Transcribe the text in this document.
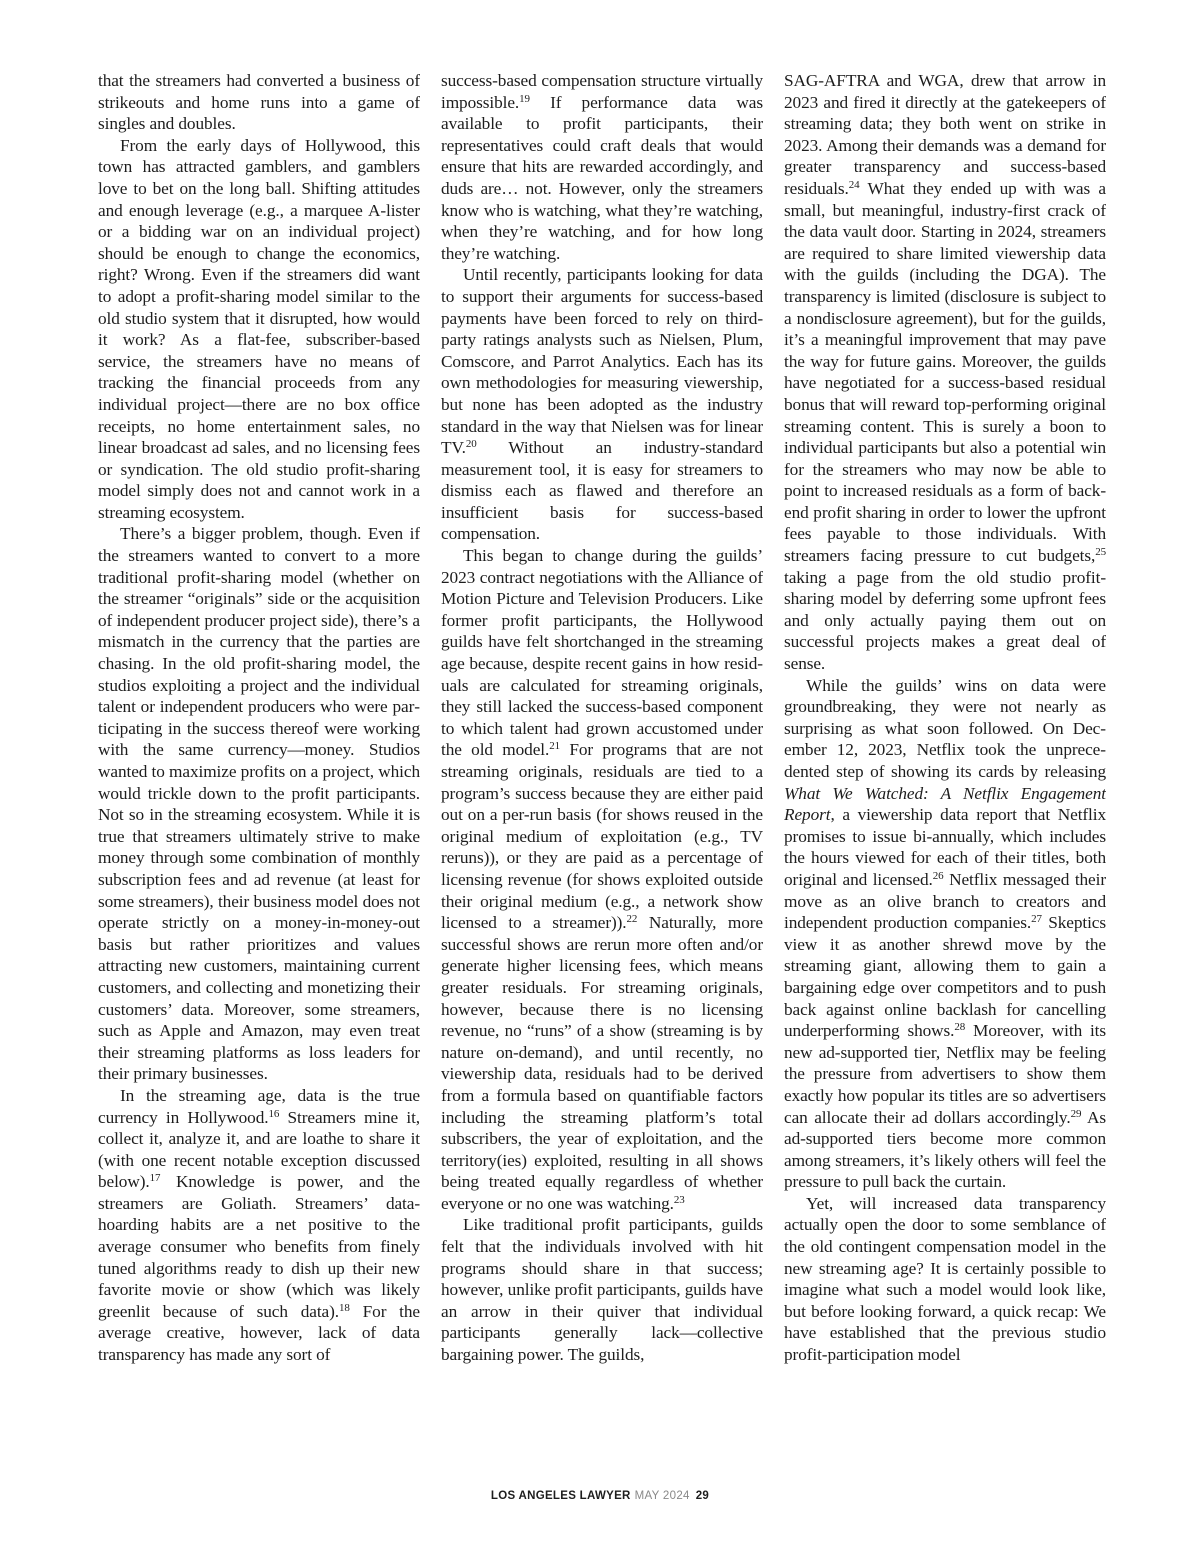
that the streamers had converted a business of strikeouts and home runs into a game of singles and doubles.

From the early days of Hollywood, this town has attracted gamblers, and gamblers love to bet on the long ball. Shifting attitudes and enough leverage (e.g., a marquee A-lister or a bidding war on an individual project) should be enough to change the economics, right? Wrong. Even if the streamers did want to adopt a profit-sharing model similar to the old studio system that it disrupted, how would it work? As a flat-fee, subscriber-based service, the streamers have no means of tracking the financial proceeds from any individual project—there are no box office receipts, no home entertainment sales, no linear broadcast ad sales, and no licensing fees or syndication. The old studio profit-sharing model simply does not and cannot work in a streaming ecosystem.

There’s a bigger problem, though. Even if the streamers wanted to convert to a more traditional profit-sharing model (whether on the streamer “originals” side or the acquisition of independent producer project side), there’s a mismatch in the currency that the parties are chasing. In the old profit-sharing model, the studios exploiting a project and the individual talent or independent producers who were participating in the success thereof were working with the same currency—money. Studios wanted to maximize profits on a project, which would trickle down to the profit participants. Not so in the streaming ecosystem. While it is true that streamers ultimately strive to make money through some combination of monthly subscription fees and ad revenue (at least for some streamers), their business model does not operate strictly on a money-in-money-out basis but rather prioritizes and values attracting new customers, maintaining current customers, and collecting and monetizing their customers’ data. Moreover, some streamers, such as Apple and Amazon, may even treat their streaming platforms as loss leaders for their primary businesses.

In the streaming age, data is the true currency in Hollywood.$^{16}$ Streamers mine it, collect it, analyze it, and are loathe to share it (with one recent notable exception discussed below).$^{17}$ Knowledge is power, and the streamers are Goliath. Streamers’ data-hoarding habits are a net positive to the average consumer who benefits from finely tuned algorithms ready to dish up their new favorite movie or show (which was likely greenlit because of such data).$^{18}$ For the average creative, however, lack of data transparency has made any sort of

success-based compensation structure virtually impossible.$^{19}$ If performance data was available to profit participants, their representatives could craft deals that would ensure that hits are rewarded accordingly, and duds are… not. However, only the streamers know who is watching, what they’re watching, when they’re watching, and for how long they’re watching.

Until recently, participants looking for data to support their arguments for success-based payments have been forced to rely on third-party ratings analysts such as Nielsen, Plum, Comscore, and Parrot Analytics. Each has its own methodologies for measuring viewership, but none has been adopted as the industry standard in the way that Nielsen was for linear TV.$^{20}$ Without an industry-standard measurement tool, it is easy for streamers to dismiss each as flawed and therefore an insufficient basis for success-based compensation.

This began to change during the guilds’ 2023 contract negotiations with the Alliance of Motion Picture and Television Producers. Like former profit participants, the Hollywood guilds have felt shortchanged in the streaming age because, despite recent gains in how residuals are calculated for streaming originals, they still lacked the success-based component to which talent had grown accustomed under the old model.$^{21}$ For programs that are not streaming originals, residuals are tied to a program’s success because they are either paid out on a per-run basis (for shows reused in the original medium of exploitation (e.g., TV reruns)), or they are paid as a percentage of licensing revenue (for shows exploited outside their original medium (e.g., a network show licensed to a streamer)).$^{22}$ Naturally, more successful shows are rerun more often and/or generate higher licensing fees, which means greater residuals. For streaming originals, however, because there is no licensing revenue, no “runs” of a show (streaming is by nature on-demand), and until recently, no viewership data, residuals had to be derived from a formula based on quantifiable factors including the streaming platform’s total subscribers, the year of exploitation, and the territory(ies) exploited, resulting in all shows being treated equally regardless of whether everyone or no one was watching.$^{23}$

Like traditional profit participants, guilds felt that the individuals involved with hit programs should share in that success; however, unlike profit participants, guilds have an arrow in their quiver that individual participants generally lack—collective bargaining power. The guilds,

SAG-AFTRA and WGA, drew that arrow in 2023 and fired it directly at the gatekeepers of streaming data; they both went on strike in 2023. Among their demands was a demand for greater transparency and success-based residuals.$^{24}$ What they ended up with was a small, but meaningful, industry-first crack of the data vault door. Starting in 2024, streamers are required to share limited viewership data with the guilds (including the DGA). The transparency is limited (disclosure is subject to a nondisclosure agreement), but for the guilds, it’s a meaningful improvement that may pave the way for future gains. Moreover, the guilds have negotiated for a success-based residual bonus that will reward top-performing original streaming content. This is surely a boon to individual participants but also a potential win for the streamers who may now be able to point to increased residuals as a form of back-end profit sharing in order to lower the upfront fees payable to those individuals. With streamers facing pressure to cut budgets,$^{25}$ taking a page from the old studio profit-sharing model by deferring some upfront fees and only actually paying them out on successful projects makes a great deal of sense.

While the guilds’ wins on data were groundbreaking, they were not nearly as surprising as what soon followed. On December 12, 2023, Netflix took the unprecedented step of showing its cards by releasing What We Watched: A Netflix Engagement Report, a viewership data report that Netflix promises to issue bi-annually, which includes the hours viewed for each of their titles, both original and licensed.$^{26}$ Netflix messaged their move as an olive branch to creators and independent production companies.$^{27}$ Skeptics view it as another shrewd move by the streaming giant, allowing them to gain a bargaining edge over competitors and to push back against online backlash for cancelling underperforming shows.$^{28}$ Moreover, with its new ad-supported tier, Netflix may be feeling the pressure from advertisers to show them exactly how popular its titles are so advertisers can allocate their ad dollars accordingly.$^{29}$ As ad-supported tiers become more common among streamers, it’s likely others will feel the pressure to pull back the curtain.

Yet, will increased data transparency actually open the door to some semblance of the old contingent compensation model in the new streaming age? It is certainly possible to imagine what such a model would look like, but before looking forward, a quick recap: We have established that the previous studio profit-participation model

LOS ANGELES LAWYER MAY 2024 29
